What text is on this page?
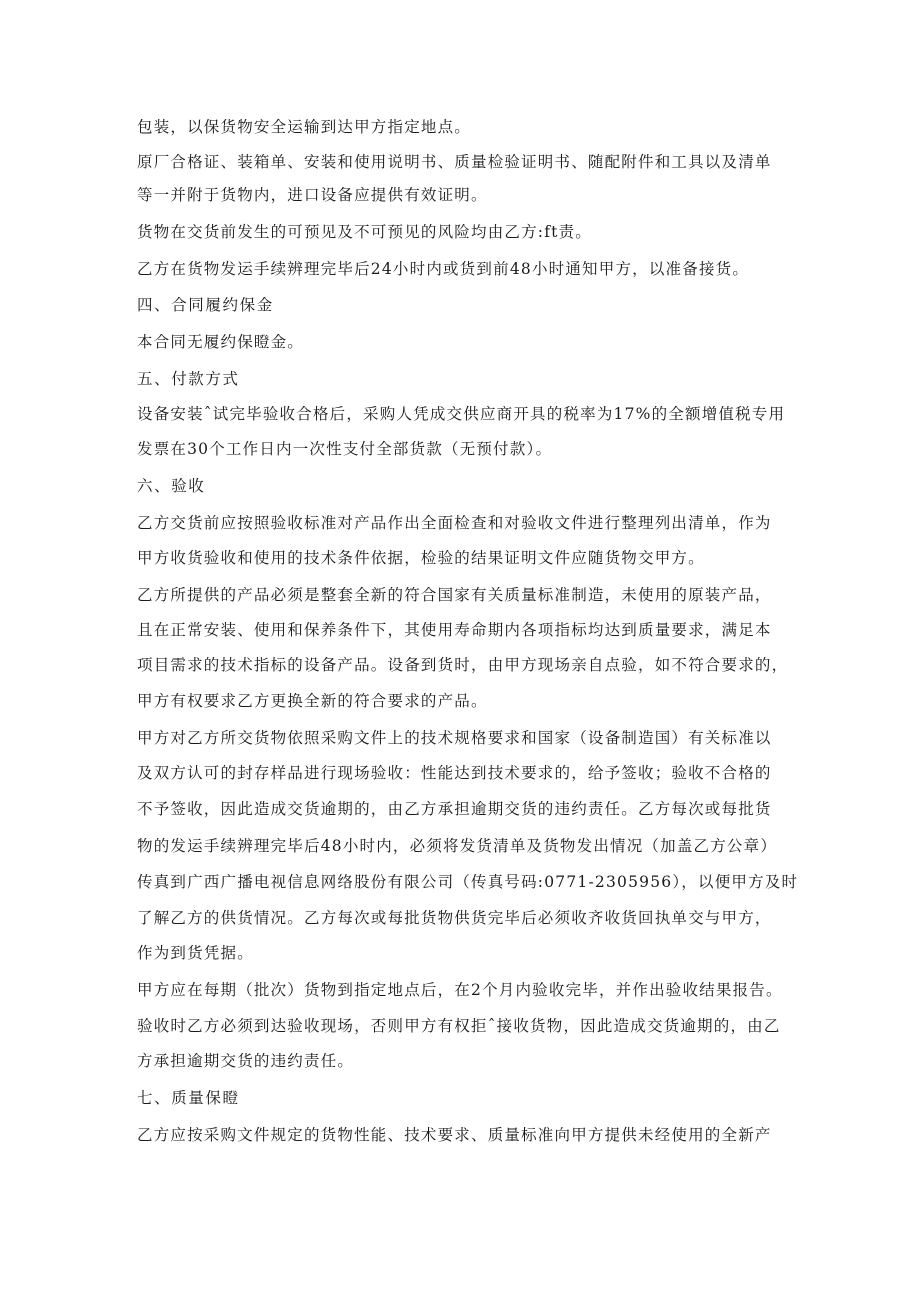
包装，以保货物安全运输到达甲方指定地点。
原厂合格证、装箱单、安装和使用说明书、质量检验证明书、随配附件和工具以及清单
等一并附于货物内，进口设备应提供有效证明。
货物在交货前发生的可预见及不可预见的风险均由乙方:ft责。
乙方在货物发运手续辨理完毕后24小时内或货到前48小时通知甲方，以准备接货。
四、合同履约保金
本合同无履约保瞪金。
五、付款方式
设备安装ˆ试完毕验收合格后，采购人凭成交供应商开具的税率为17%的全额增值税专用
发票在30个工作日内一次性支付全部货款（无预付款）。
六、验收
乙方交货前应按照验收标准对产品作出全面检查和对验收文件进行整理列出清单，作为
甲方收货验收和使用的技术条件依据，检验的结果证明文件应随货物交甲方。
乙方所提供的产品必须是整套全新的符合国家有关质量标准制造，未使用的原装产品，
且在正常安装、使用和保养条件下，其使用寿命期内各项指标均达到质量要求，满足本
项目需求的技术指标的设备产品。设备到货时，由甲方现场亲自点验，如不符合要求的，
甲方有权要求乙方更换全新的符合要求的产品。
甲方对乙方所交货物依照采购文件上的技术规格要求和国家（设备制造国）有关标准以
及双方认可的封存样品进行现场验收：性能达到技术要求的，给予签收；验收不合格的
不予签收，因此造成交货逾期的，由乙方承担逾期交货的违约责任。乙方每次或每批货
物的发运手续辨理完毕后48小时内，必须将发货清单及货物发出情况（加盖乙方公章）
传真到广西广播电视信息网络股份有限公司（传真号码:0771-2305956），以便甲方及时
了解乙方的供货情况。乙方每次或每批货物供货完毕后必须收齐收货回执单交与甲方，
作为到货凭据。
甲方应在每期（批次）货物到指定地点后，在2个月内验收完毕，并作出验收结果报告。
验收时乙方必须到达验收现场，否则甲方有权拒ˆ接收货物，因此造成交货逾期的，由乙
方承担逾期交货的违约责任。
七、质量保瞪
乙方应按采购文件规定的货物性能、技术要求、质量标准向甲方提供未经使用的全新产
